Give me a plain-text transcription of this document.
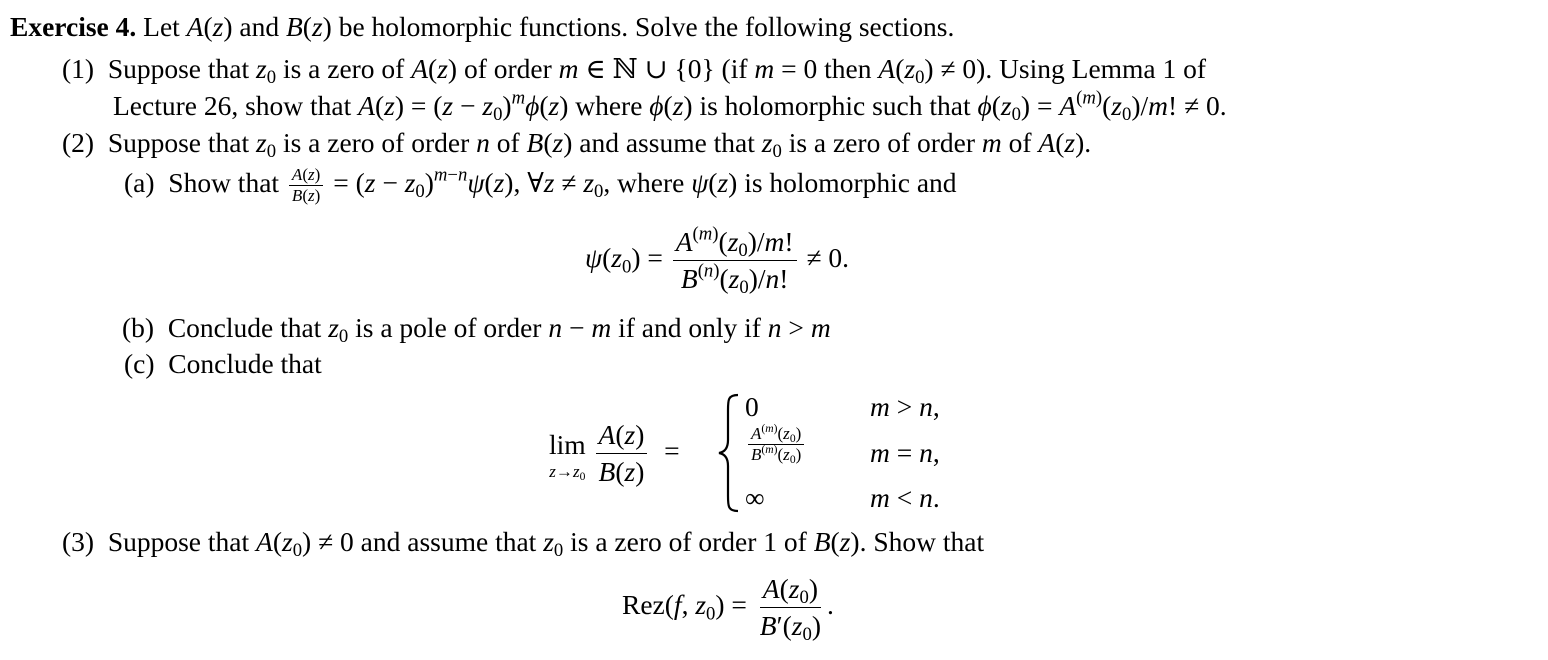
Exercise 4. Let A(z) and B(z) be holomorphic functions. Solve the following sections.
(1)  Suppose that $z_0$ is a zero of A(z) of order m ∈ ℕ ∪ {0} (if m = 0 then $A(z_0) \ne 0$). Using Lemma 1 of
Lecture 26, show that $A(z) = (z - z_0)^m\phi(z)$ where ϕ(z) is holomorphic such that $\phi(z_0) = A^{(m)}(z_0)/m$! ≠ 0.
(2)  Suppose that $z_0$ is a zero of order n of B(z) and assume that $z_0$ is a zero of order m of A(z).
(a)  Show that $\frac{A(z)}{B(z)} = (z - z_0)^{m-n}\psi(z)$, ∀z ≠ $z_0$, where ψ(z) is holomorphic and
$\psi(z_0) = \frac{A^{(m)}(z_0)/m!}{B^{(n)}(z_0)/n!} \ne 0$.
(b)  Conclude that $z_0$ is a pole of order n − m if and only if n > m
(c)  Conclude that
lim
$z\to z_0$
$\frac{A(z)}{B(z)}$ =
0	m > n,
$\frac{A^{(m)}(z_0)}{B^{(m)}(z_0)}$ m = n,
∞	m < n.
(3)  Suppose that $A(z_0) \ne 0$ and assume that $z_0$ is a zero of order 1 of B(z). Show that
Rez(f, $z_0) = \frac{A(z_0)}{B'(z_0)}$ .
